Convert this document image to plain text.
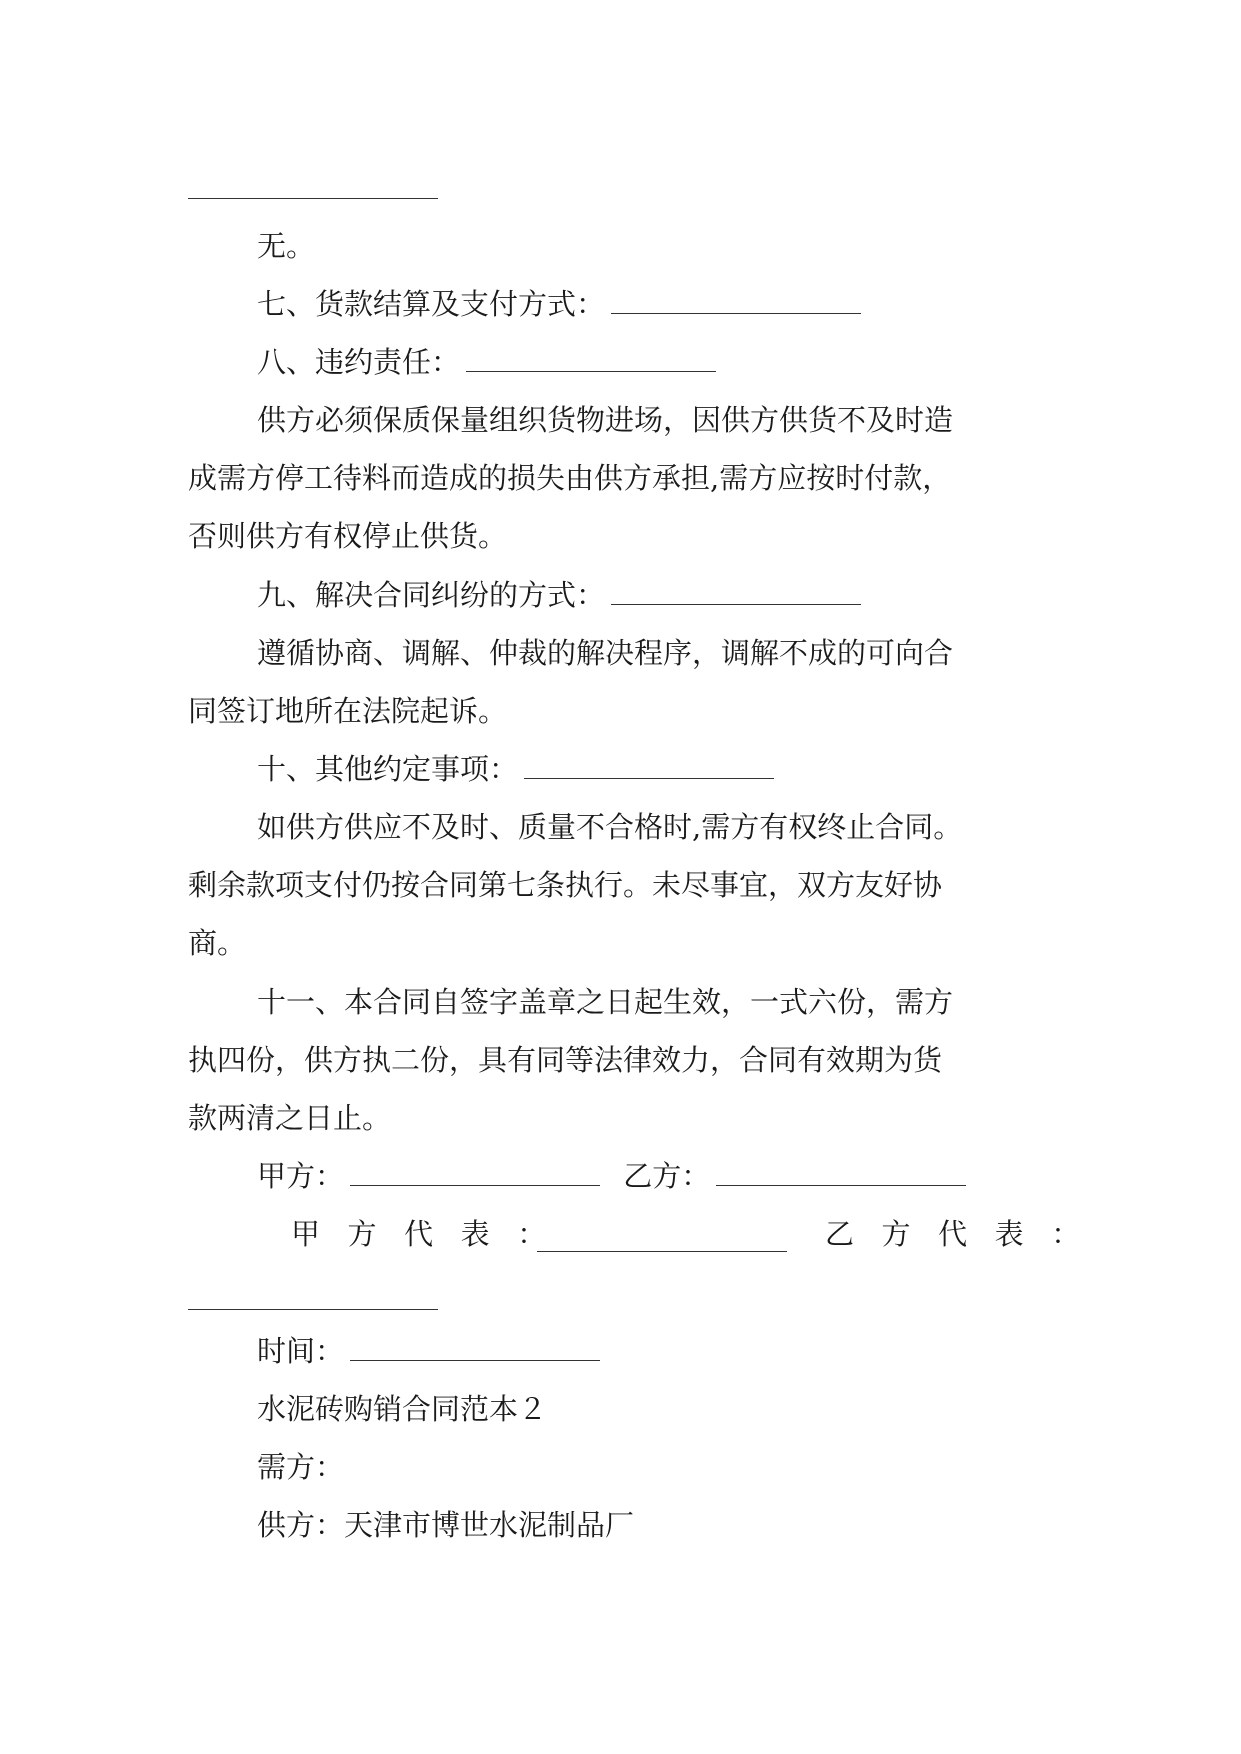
无。
七、货款结算及支付方式：
八、违约责任：
供方必须保质保量组织货物进场，因供方供货不及时造
成需方停工待料而造成的损失由供方承担,需方应按时付款，
否则供方有权停止供货。
九、解决合同纠纷的方式：
遵循协商、调解、仲裁的解决程序，调解不成的可向合
同签订地所在法院起诉。
十、其他约定事项：
如供方供应不及时、质量不合格时,需方有权终止合同。
剩余款项支付仍按合同第七条执行。未尽事宜，双方友好协
商。
十一、本合同自签字盖章之日起生效，一式六份，需方
执四份，供方执二份，具有同等法律效力，合同有效期为货
款两清之日止。
甲方：	乙方：
甲方代表：	乙方代表：
时间：
水泥砖购销合同范本２
需方：
供方：天津市博世水泥制品厂
